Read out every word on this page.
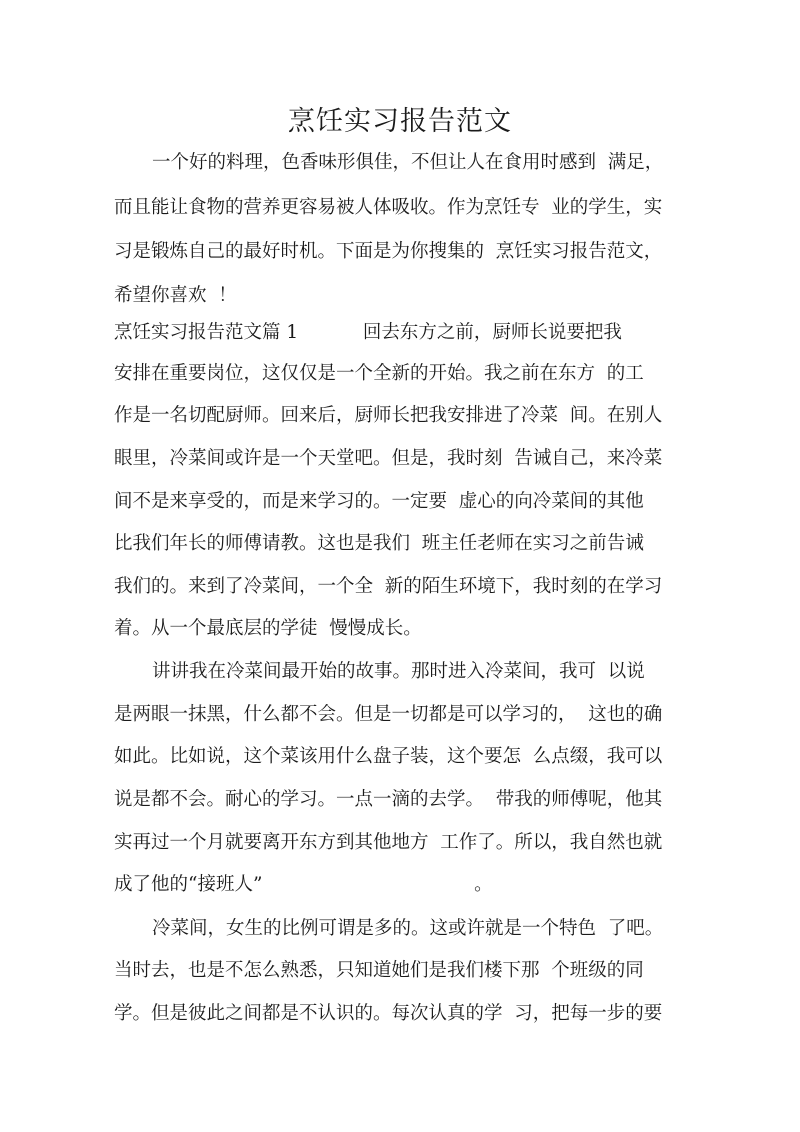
烹饪实习报告范文
一个好的料理，色香味形俱佳，不但让人在食用时感到  满足，
而且能让食物的营养更容易被人体吸收。作为烹饪专  业的学生，实
习是锻炼自己的最好时机。下面是为你搜集的  烹饪实习报告范文，
希望你喜欢  ！
烹饪实习报告范文篇 1           回去东方之前，厨师长说要把我
安排在重要岗位，这仅仅是一个全新的开始。我之前在东方  的工
作是一名切配厨师。回来后，厨师长把我安排进了冷菜  间。在别人
眼里，冷菜间或许是一个天堂吧。但是，我时刻  告诫自己，来冷菜
间不是来享受的，而是来学习的。一定要  虚心的向冷菜间的其他
比我们年长的师傅请教。这也是我们  班主任老师在实习之前告诫
我们的。来到了冷菜间，一个全  新的陌生环境下，我时刻的在学习
着。从一个最底层的学徒  慢慢成长。
讲讲我在冷菜间最开始的故事。那时进入冷菜间，我可  以说
是两眼一抹黑，什么都不会。但是一切都是可以学习的，  这也的确
如此。比如说，这个菜该用什么盘子装，这个要怎  么点缀，我可以
说是都不会。耐心的学习。一点一滴的去学。  带我的师傅呢，他其
实再过一个月就要离开东方到其他地方  工作了。所以，我自然也就
成了他的“接班人”                                    。
冷菜间，女生的比例可谓是多的。这或许就是一个特色  了吧。
当时去，也是不怎么熟悉，只知道她们是我们楼下那  个班级的同
学。但是彼此之间都是不认识的。每次认真的学  习，把每一步的要
